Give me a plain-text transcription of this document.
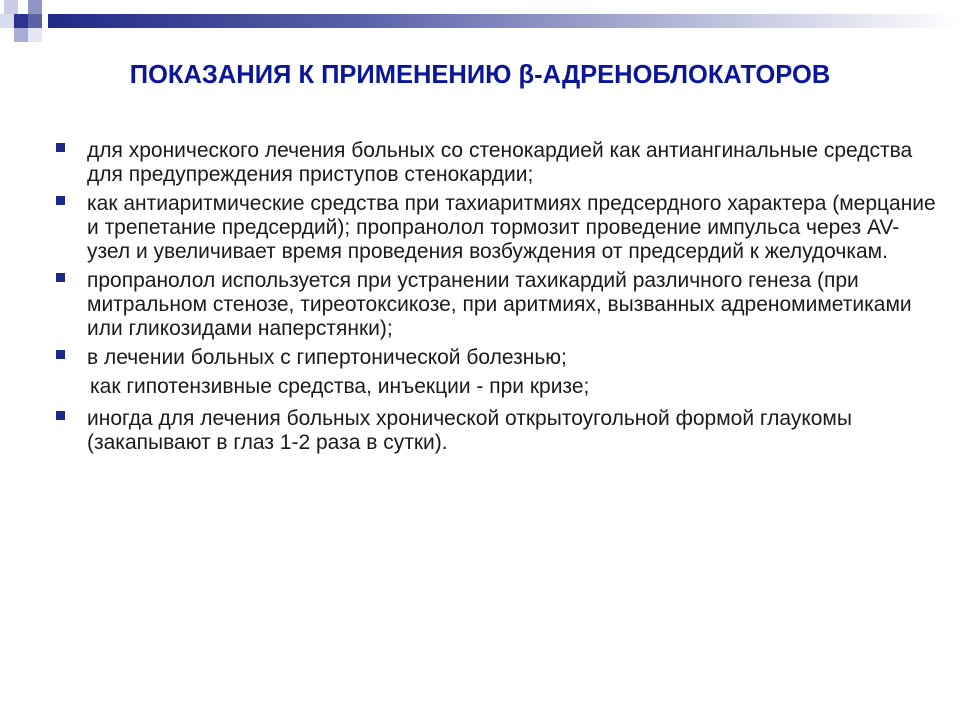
ПОКАЗАНИЯ К ПРИМЕНЕНИЮ β-АДРЕНОБЛОКАТОРОВ
для хронического лечения больных со стенокардией как антиангинальные средства для предупреждения приступов стенокардии;
как антиаритмические средства при тахиаритмиях предсердного характера (мерцание и трепетание предсердий); пропранолол тормозит проведение импульса через AV-узел и увеличивает время проведения возбуждения от предсердий к желудочкам.
пропранолол используется при устранении тахикардий различного генеза (при митральном стенозе, тиреотоксикозе, при аритмиях, вызванных адреномиметиками или гликозидами наперстянки);
в лечении больных с гипертонической болезнью;
как гипотензивные средства, инъекции - при кризе;
иногда для лечения больных хронической открытоугольной формой глаукомы (закапывают в глаз 1-2 раза в сутки).
